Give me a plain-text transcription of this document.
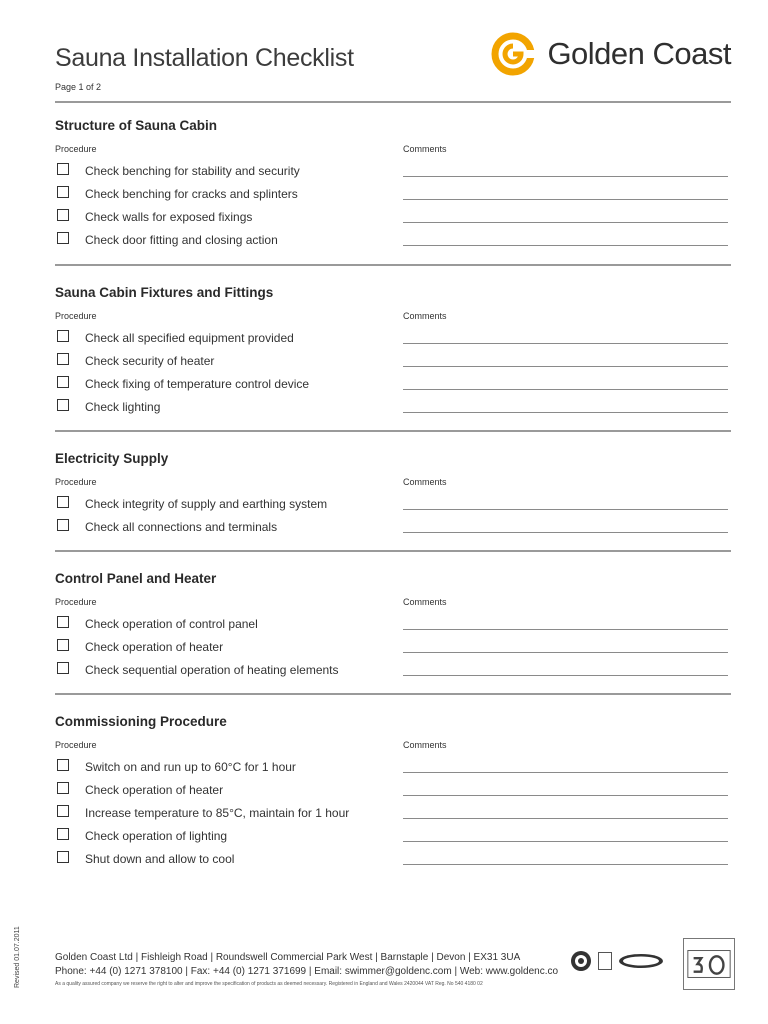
Sauna Installation Checklist
Page 1 of 2
Golden Coast
Structure of Sauna Cabin
Procedure	Comments
Check benching for stability and security
Check benching for cracks and splinters
Check walls for exposed fixings
Check door fitting and closing action
Sauna Cabin Fixtures and Fittings
Procedure	Comments
Check all specified equipment provided
Check security of heater
Check fixing of temperature control device
Check lighting
Electricity Supply
Procedure	Comments
Check integrity of supply and earthing system
Check all connections and terminals
Control Panel and Heater
Procedure	Comments
Check operation of control panel
Check operation of heater
Check sequential operation of heating elements
Commissioning Procedure
Procedure	Comments
Switch on and run up to 60°C for 1 hour
Check operation of heater
Increase temperature to 85°C, maintain for 1 hour
Check operation of lighting
Shut down and allow to cool
Revised 01.07.2011	Golden Coast Ltd | Fishleigh Road | Roundswell Commercial Park West | Barnstaple | Devon | EX31 3UA
Phone: +44 (0) 1271 378100 | Fax: +44 (0) 1271 371699 | Email: swimmer@goldenc.com | Web: www.goldenc.co
As a quality assured company we reserve the right to alter and improve the specification of products as deemed necessary. Registered in England and Wales 2420044 VAT Reg. No 540 4180 02
